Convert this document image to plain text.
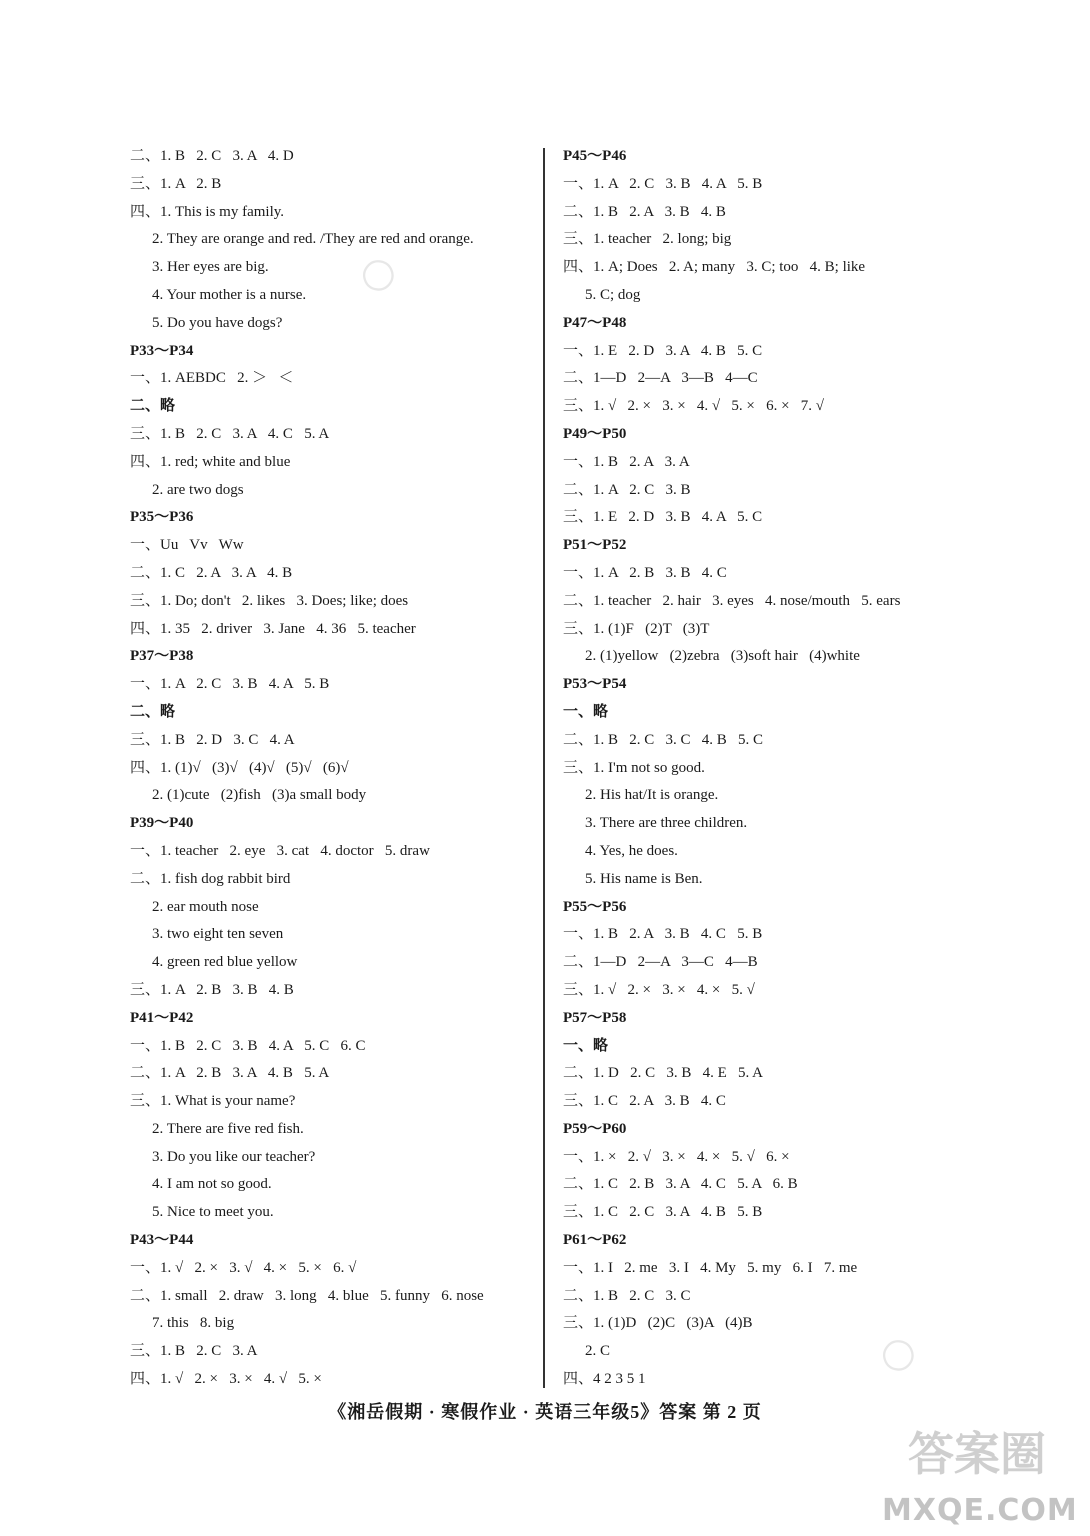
二、1. B   2. C   3. A   4. D
三、1. A   2. B
四、1. This is my family.
2. They are orange and red. /They are red and orange.
3. Her eyes are big.
4. Your mother is a nurse.
5. Do you have dogs?
P33～P34
一、1. AEBDC   2. ＞   ＜
二、略
三、1. B   2. C   3. A   4. C   5. A
四、1. red; white and blue
2. are two dogs
P35～P36
一、Uu   Vv   Ww
二、1. C   2. A   3. A   4. B
三、1. Do; don't   2. likes   3. Does; like; does
四、1. 35   2. driver   3. Jane   4. 36   5. teacher
P37～P38
一、1. A   2. C   3. B   4. A   5. B
二、略
三、1. B   2. D   3. C   4. A
四、1. (1)√   (3)√   (4)√   (5)√   (6)√
2. (1)cute   (2)fish   (3)a small body
P39～P40
一、1. teacher   2. eye   3. cat   4. doctor   5. draw
二、1. fish dog rabbit bird
2. ear mouth nose
3. two eight ten seven
4. green red blue yellow
三、1. A   2. B   3. B   4. B
P41～P42
一、1. B   2. C   3. B   4. A   5. C   6. C
二、1. A   2. B   3. A   4. B   5. A
三、1. What is your name?
2. There are five red fish.
3. Do you like our teacher?
4. I am not so good.
5. Nice to meet you.
P43～P44
一、1. √   2. ×   3. √   4. ×   5. ×   6. √
二、1. small   2. draw   3. long   4. blue   5. funny   6. nose
7. this   8. big
三、1. B   2. C   3. A
四、1. √   2. ×   3. ×   4. √   5. ×
P45～P46
一、1. A   2. C   3. B   4. A   5. B
二、1. B   2. A   3. B   4. B
三、1. teacher   2. long; big
四、1. A; Does   2. A; many   3. C; too   4. B; like
5. C; dog
P47～P48
一、1. E   2. D   3. A   4. B   5. C
二、1—D   2—A   3—B   4—C
三、1. √   2. ×   3. ×   4. √   5. ×   6. ×   7. √
P49～P50
一、1. B   2. A   3. A
二、1. A   2. C   3. B
三、1. E   2. D   3. B   4. A   5. C
P51～P52
一、1. A   2. B   3. B   4. C
二、1. teacher   2. hair   3. eyes   4. nose/mouth   5. ears
三、1. (1)F   (2)T   (3)T
2. (1)yellow   (2)zebra   (3)soft hair   (4)white
P53～P54
一、略
二、1. B   2. C   3. C   4. B   5. C
三、1. I'm not so good.
2. His hat/It is orange.
3. There are three children.
4. Yes, he does.
5. His name is Ben.
P55～P56
一、1. B   2. A   3. B   4. C   5. B
二、1—D   2—A   3—C   4—B
三、1. √   2. ×   3. ×   4. ×   5. √
P57～P58
一、略
二、1. D   2. C   3. B   4. E   5. A
三、1. C   2. A   3. B   4. C
P59～P60
一、1. ×   2. √   3. ×   4. ×   5. √   6. ×
二、1. C   2. B   3. A   4. C   5. A   6. B
三、1. C   2. C   3. A   4. B   5. B
P61～P62
一、1. I   2. me   3. I   4. My   5. my   6. I   7. me
二、1. B   2. C   3. C
三、1. (1)D   (2)C   (3)A   (4)B
2. C
四、4 2 3 5 1
○
○
《湘岳假期 · 寒假作业 · 英语三年级5》答案 第 2 页
答案圈
MXQE.COM
